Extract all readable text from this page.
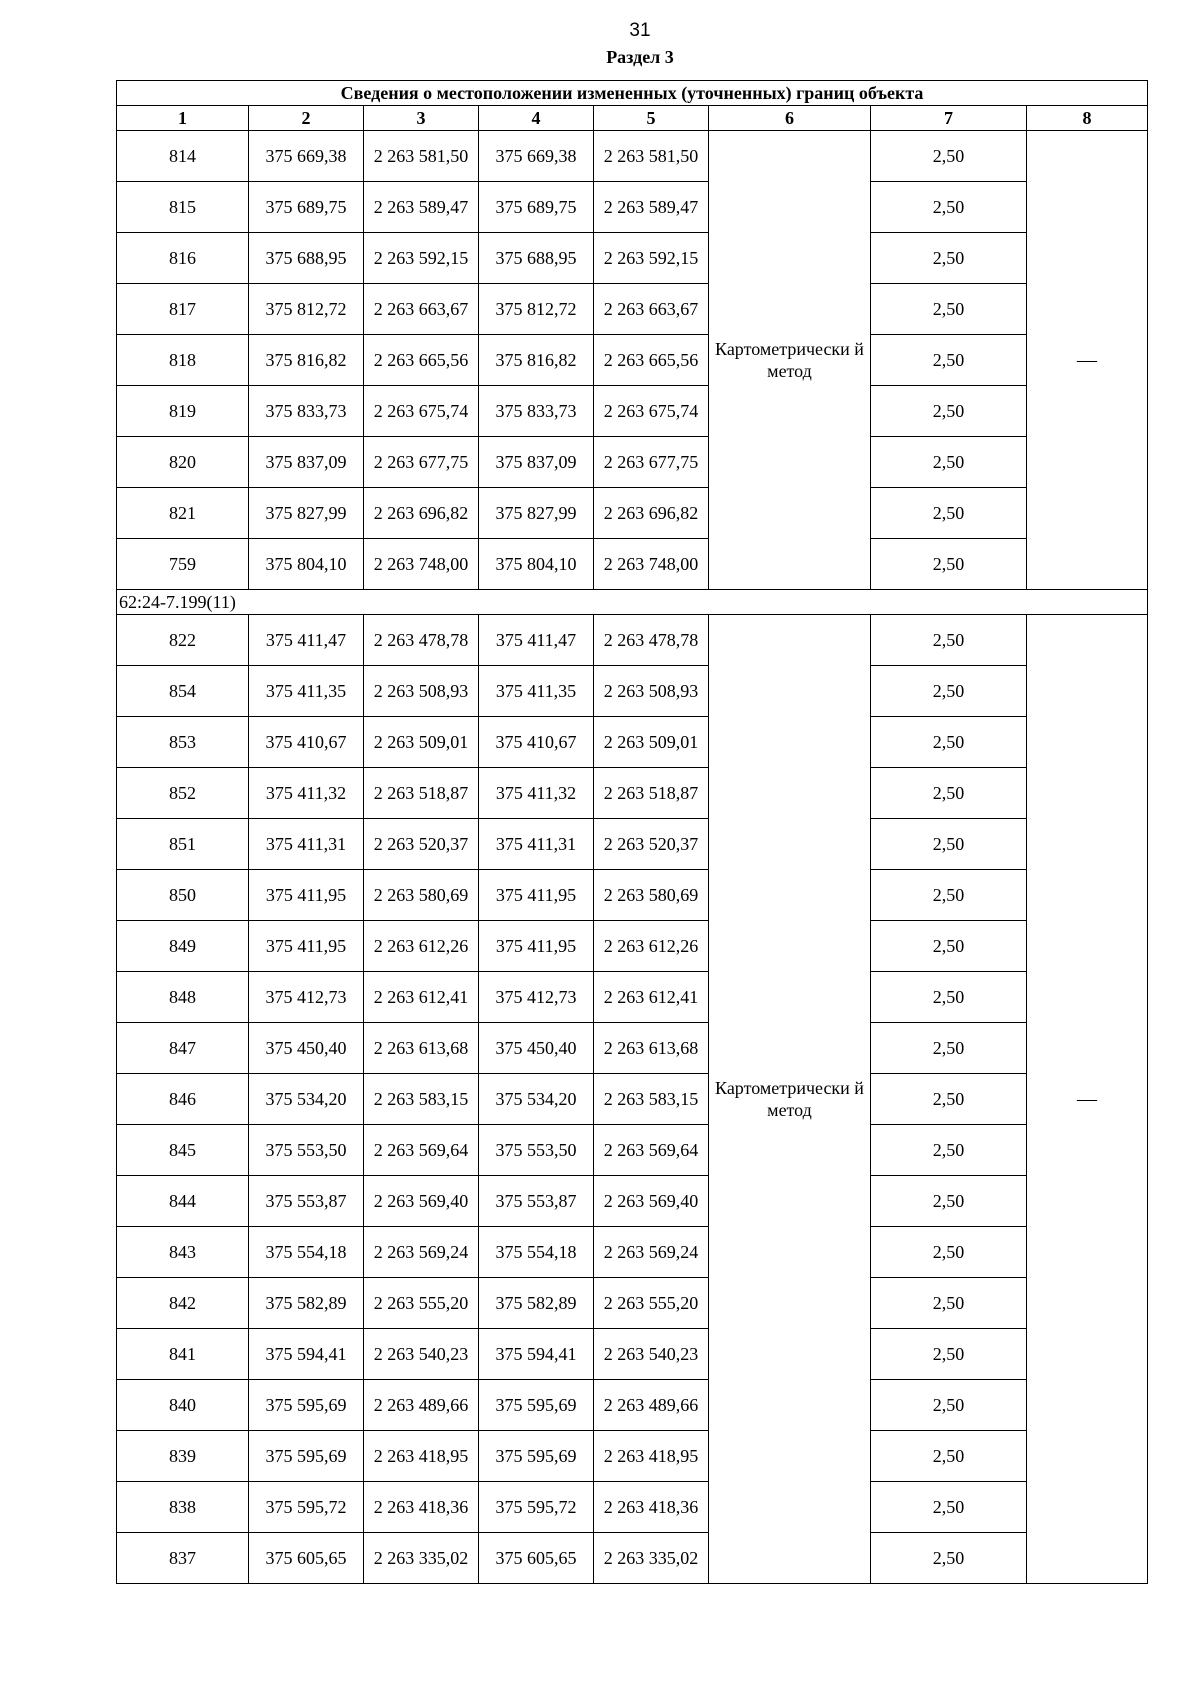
31
Раздел 3
Сведения о местоположении измененных (уточненных) границ объекта							
1	2	3	4	5	6	7	8
814	375 669,38	2 263 581,50	375 669,38	2 263 581,50	Картометрически й метод	2,50	—
815	375 689,75	2 263 589,47	375 689,75	2 263 589,47		2,50	
816	375 688,95	2 263 592,15	375 688,95	2 263 592,15		2,50	
817	375 812,72	2 263 663,67	375 812,72	2 263 663,67		2,50	
818	375 816,82	2 263 665,56	375 816,82	2 263 665,56		2,50	
819	375 833,73	2 263 675,74	375 833,73	2 263 675,74		2,50	
820	375 837,09	2 263 677,75	375 837,09	2 263 677,75		2,50	
821	375 827,99	2 263 696,82	375 827,99	2 263 696,82		2,50	
759	375 804,10	2 263 748,00	375 804,10	2 263 748,00		2,50	
62:24-7.199(11)							
822	375 411,47	2 263 478,78	375 411,47	2 263 478,78	Картометрически й метод	2,50	—
854	375 411,35	2 263 508,93	375 411,35	2 263 508,93		2,50	
853	375 410,67	2 263 509,01	375 410,67	2 263 509,01		2,50	
852	375 411,32	2 263 518,87	375 411,32	2 263 518,87		2,50	
851	375 411,31	2 263 520,37	375 411,31	2 263 520,37		2,50	
850	375 411,95	2 263 580,69	375 411,95	2 263 580,69		2,50	
849	375 411,95	2 263 612,26	375 411,95	2 263 612,26		2,50	
848	375 412,73	2 263 612,41	375 412,73	2 263 612,41		2,50	
847	375 450,40	2 263 613,68	375 450,40	2 263 613,68		2,50	
846	375 534,20	2 263 583,15	375 534,20	2 263 583,15		2,50	
845	375 553,50	2 263 569,64	375 553,50	2 263 569,64		2,50	
844	375 553,87	2 263 569,40	375 553,87	2 263 569,40		2,50	
843	375 554,18	2 263 569,24	375 554,18	2 263 569,24		2,50	
842	375 582,89	2 263 555,20	375 582,89	2 263 555,20		2,50	
841	375 594,41	2 263 540,23	375 594,41	2 263 540,23		2,50	
840	375 595,69	2 263 489,66	375 595,69	2 263 489,66		2,50	
839	375 595,69	2 263 418,95	375 595,69	2 263 418,95		2,50	
838	375 595,72	2 263 418,36	375 595,72	2 263 418,36		2,50	
837	375 605,65	2 263 335,02	375 605,65	2 263 335,02		2,50	
